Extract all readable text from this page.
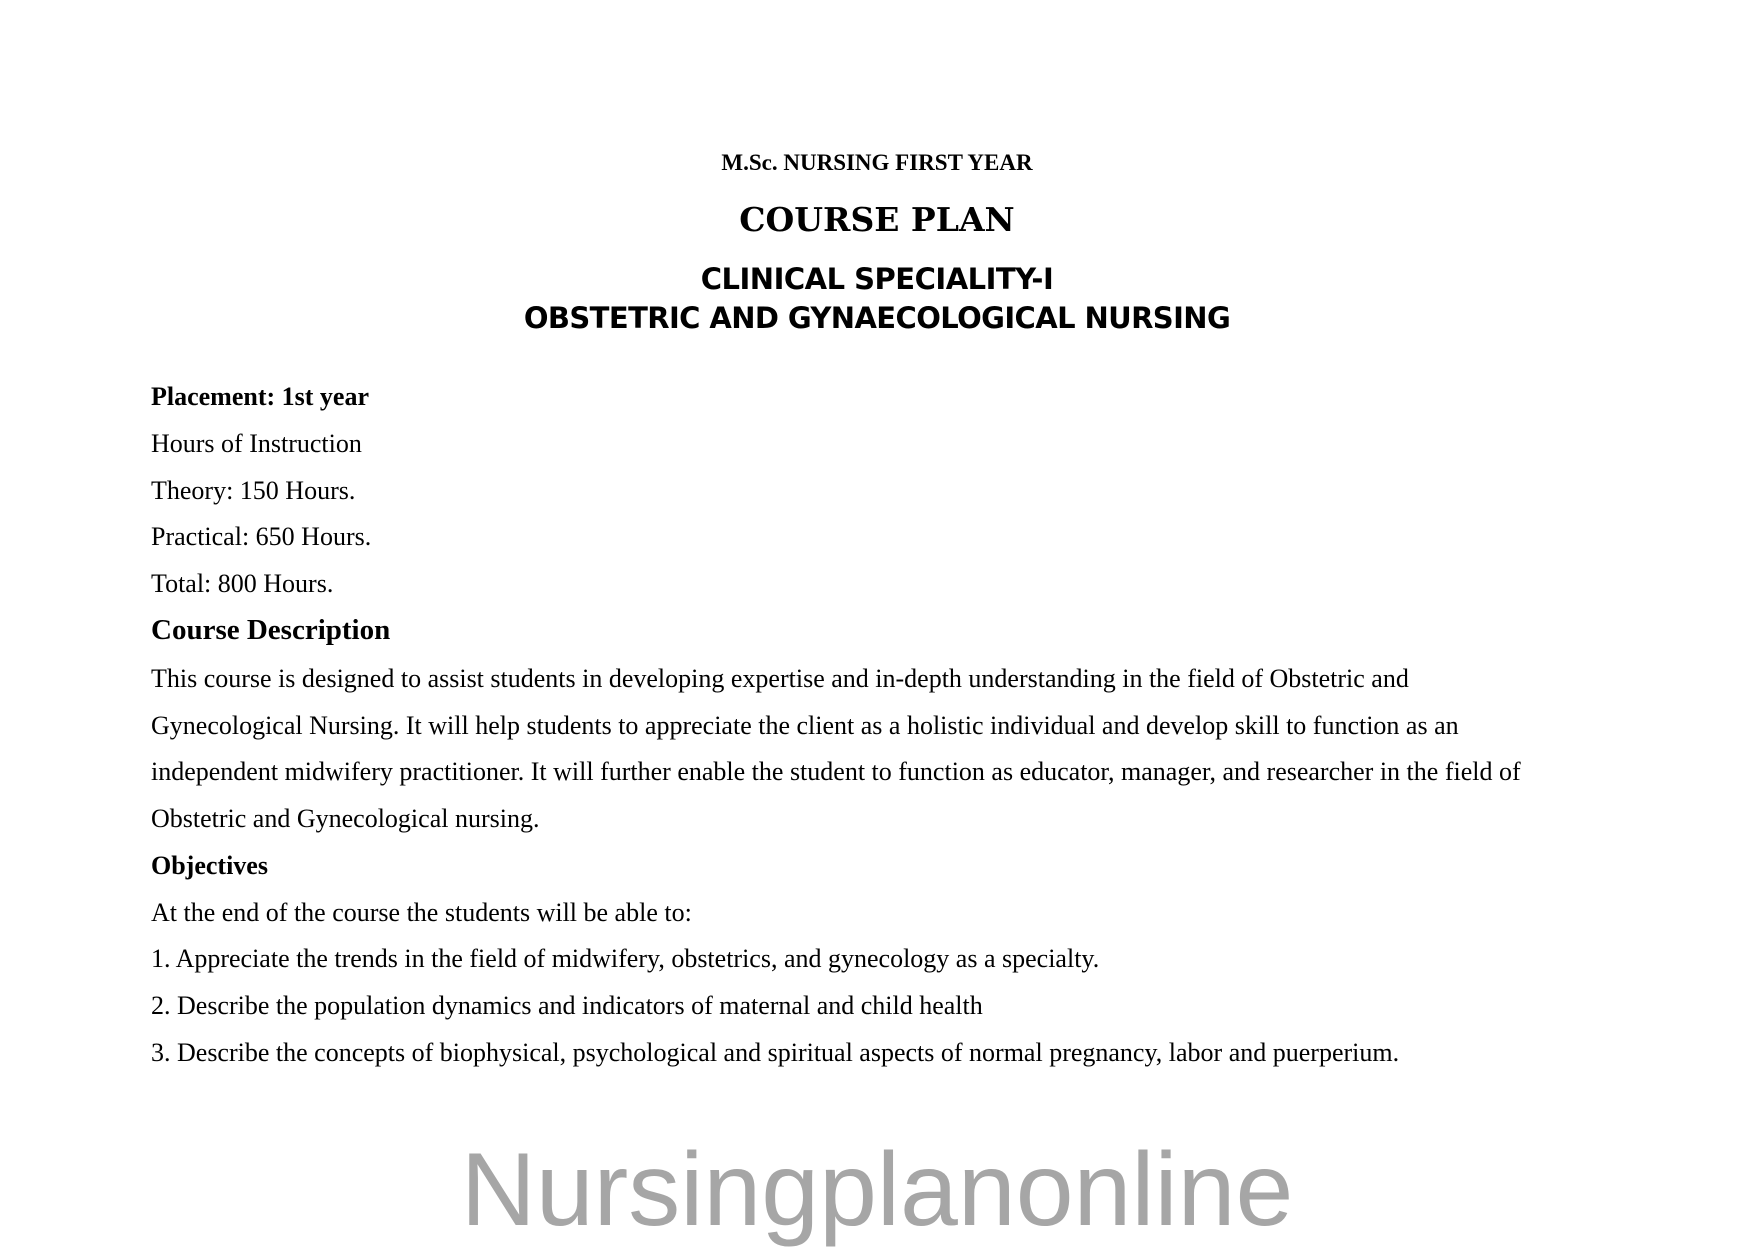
M.Sc. NURSING FIRST YEAR
COURSE PLAN
CLINICAL SPECIALITY-I
OBSTETRIC AND GYNAECOLOGICAL NURSING
Placement: 1st year
Hours of Instruction
Theory: 150 Hours.
Practical: 650 Hours.
Total: 800 Hours.
Course Description
This course is designed to assist students in developing expertise and in-depth understanding in the field of Obstetric and
Gynecological Nursing. It will help students to appreciate the client as a holistic individual and develop skill to function as an
independent midwifery practitioner. It will further enable the student to function as educator, manager, and researcher in the field of
Obstetric and Gynecological nursing.
Objectives
At the end of the course the students will be able to:
1. Appreciate the trends in the field of midwifery, obstetrics, and gynecology as a specialty.
2. Describe the population dynamics and indicators of maternal and child health
3. Describe the concepts of biophysical, psychological and spiritual aspects of normal pregnancy, labor and puerperium.
Nursingplanonline
